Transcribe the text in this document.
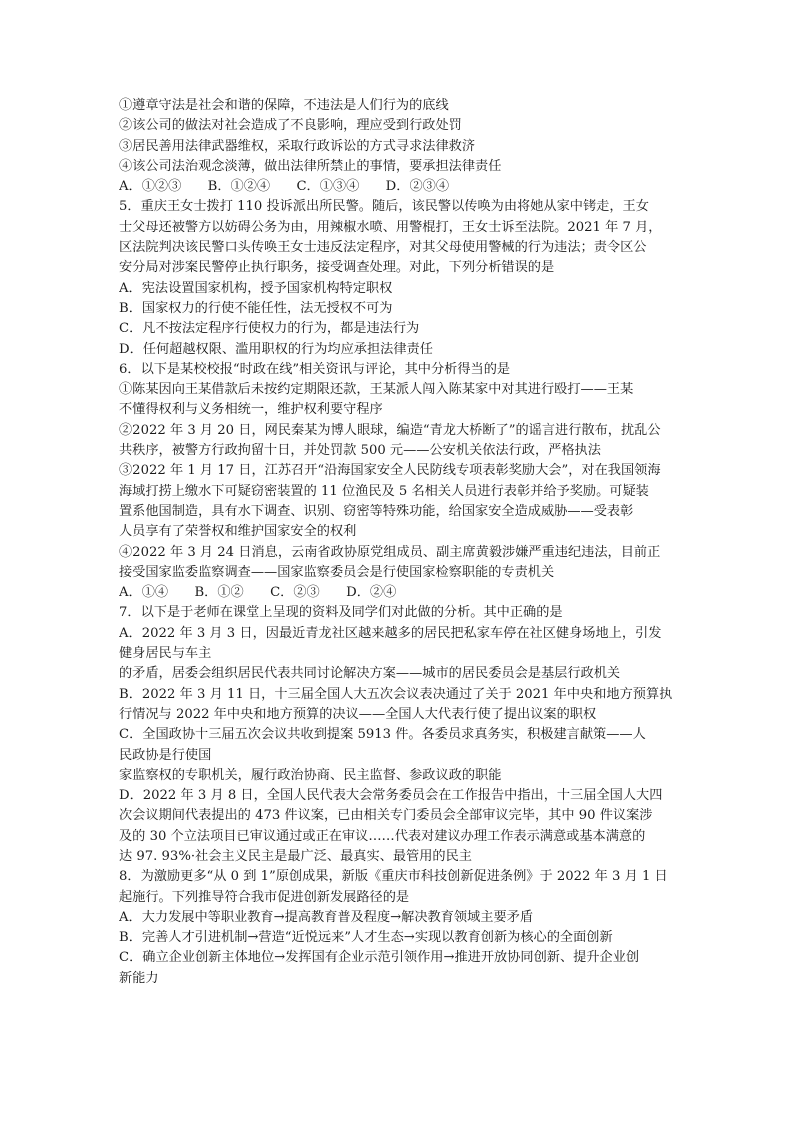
①遵章守法是社会和谐的保障，不违法是人们行为的底线
②该公司的做法对社会造成了不良影响，理应受到行政处罚
③居民善用法律武器维权，采取行政诉讼的方式寻求法律救济
④该公司法治观念淡薄，做出法律所禁止的事情，要承担法律责任
A．①②③　　B．①②④　　C．①③④　　D．②③④
5．重庆王女士拨打 110 投诉派出所民警。随后，该民警以传唤为由将她从家中铐走，王女
士父母还被警方以妨碍公务为由，用辣椒水喷、用警棍打，王女士诉至法院。2021 年 7 月，
区法院判决该民警口头传唤王女士违反法定程序，对其父母使用警械的行为违法；责令区公
安分局对涉案民警停止执行职务，接受调查处理。对此，下列分析错误的是
A．宪法设置国家机构，授予国家机构特定职权
B．国家权力的行使不能任性，法无授权不可为
C．凡不按法定程序行使权力的行为，都是违法行为
D．任何超越权限、滥用职权的行为均应承担法律责任
6．以下是某校校报“时政在线”相关资讯与评论，其中分析得当的是
①陈某因向王某借款后未按约定期限还款，王某派人闯入陈某家中对其进行殴打——王某
不懂得权利与义务相统一，维护权利要守程序
②2022 年 3 月 20 日，网民秦某为博人眼球，编造“青龙大桥断了”的谣言进行散布，扰乱公
共秩序，被警方行政拘留十日，并处罚款 500 元——公安机关依法行政，严格执法
③2022 年 1 月 17 日，江苏召开“沿海国家安全人民防线专项表彰奖励大会”，对在我国领海
海域打捞上缴水下可疑窃密装置的 11 位渔民及 5 名相关人员进行表彰并给予奖励。可疑装
置系他国制造，具有水下调查、识别、窃密等特殊功能，给国家安全造成威胁——受表彰
人员享有了荣誉权和维护国家安全的权利
④2022 年 3 月 24 日消息，云南省政协原党组成员、副主席黄毅涉嫌严重违纪违法，目前正
接受国家监委监察调查——国家监察委员会是行使国家检察职能的专责机关
A．①④　　B．①②　　C．②③　　D．②④
7．以下是于老师在课堂上呈现的资料及同学们对此做的分析。其中正确的是
A．2022 年 3 月 3 日，因最近青龙社区越来越多的居民把私家车停在社区健身场地上，引发
健身居民与车主
的矛盾，居委会组织居民代表共同讨论解决方案——城市的居民委员会是基层行政机关
B．2022 年 3 月 11 日，十三届全国人大五次会议表决通过了关于 2021 年中央和地方预算执
行情况与 2022 年中央和地方预算的决议——全国人大代表行使了提出议案的职权
C．全国政协十三届五次会议共收到提案 5913 件。各委员求真务实，积极建言献策——人
民政协是行使国
家监察权的专职机关，履行政治协商、民主监督、参政议政的职能
D．2022 年 3 月 8 日，全国人民代表大会常务委员会在工作报告中指出，十三届全国人大四
次会议期间代表提出的 473 件议案，已由相关专门委员会全部审议完毕，其中 90 件议案涉
及的 30 个立法项目已审议通过或正在审议……代表对建议办理工作表示满意或基本满意的
达 97. 93%·社会主义民主是最广泛、最真实、最管用的民主
8．为激励更多“从 0 到 1”原创成果，新版《重庆市科技创新促进条例》于 2022 年 3 月 1 日
起施行。下列推导符合我市促进创新发展路径的是
A．大力发展中等职业教育→提高教育普及程度→解决教育领域主要矛盾
B．完善人才引进机制→营造“近悦远来”人才生态→实现以教育创新为核心的全面创新
C．确立企业创新主体地位→发挥国有企业示范引领作用→推进开放协同创新、提升企业创
新能力
